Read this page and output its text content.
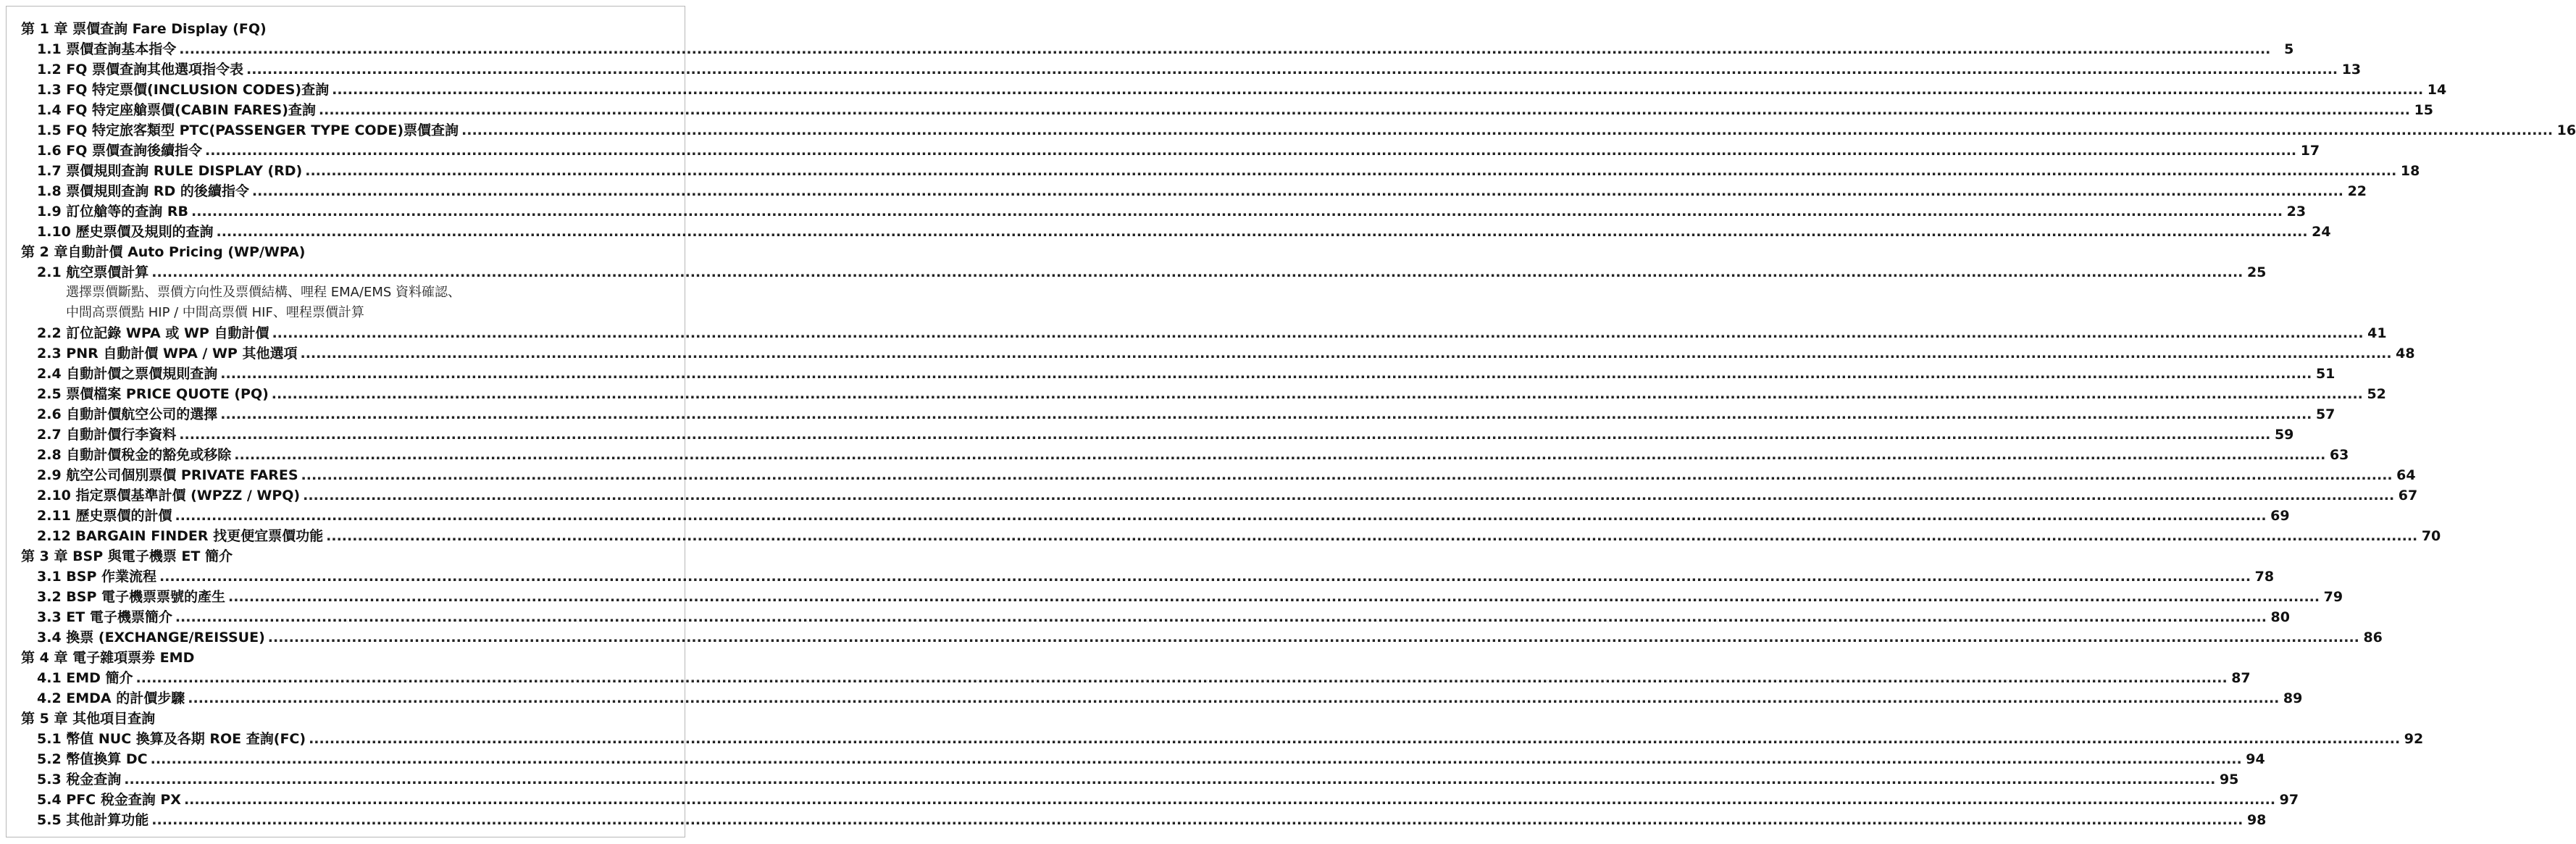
第 1 章 票價查詢 Fare Display (FQ)
1.1 票價查詢基本指令 ................................................................................................................................................................................................................................................................................................................................................................................................................ 5
1.2 FQ 票價查詢其他選項指令表 ................................................................................................................................................................................................................................................................................................................................................................................................................ 13
1.3 FQ 特定票價(INCLUSION CODES)查詢 ................................................................................................................................................................................................................................................................................................................................................................................................................ 14
1.4 FQ 特定座艙票價(CABIN FARES)查詢 ................................................................................................................................................................................................................................................................................................................................................................................................................ 15
1.5 FQ 特定旅客類型 PTC(PASSENGER TYPE CODE)票價查詢 ................................................................................................................................................................................................................................................................................................................................................................................................................ 16
1.6 FQ 票價查詢後續指令 ................................................................................................................................................................................................................................................................................................................................................................................................................ 17
1.7 票價規則查詢 RULE DISPLAY (RD) ................................................................................................................................................................................................................................................................................................................................................................................................................ 18
1.8 票價規則查詢 RD 的後續指令 ................................................................................................................................................................................................................................................................................................................................................................................................................ 22
1.9 訂位艙等的查詢 RB ................................................................................................................................................................................................................................................................................................................................................................................................................ 23
1.10 歷史票價及規則的查詢 ................................................................................................................................................................................................................................................................................................................................................................................................................ 24
第 2 章自動計價 Auto Pricing (WP/WPA)
2.1 航空票價計算 ................................................................................................................................................................................................................................................................................................................................................................................................................ 25
選擇票價斷點、票價方向性及票價結構、哩程 EMA/EMS 資料確認、
中間高票價點 HIP / 中間高票價 HIF、哩程票價計算
2.2 訂位記錄 WPA 或 WP 自動計價 ................................................................................................................................................................................................................................................................................................................................................................................................................ 41
2.3 PNR 自動計價 WPA / WP 其他選項 ................................................................................................................................................................................................................................................................................................................................................................................................................ 48
2.4 自動計價之票價規則查詢 ................................................................................................................................................................................................................................................................................................................................................................................................................ 51
2.5 票價檔案 PRICE QUOTE (PQ) ................................................................................................................................................................................................................................................................................................................................................................................................................ 52
2.6 自動計價航空公司的選擇 ................................................................................................................................................................................................................................................................................................................................................................................................................ 57
2.7 自動計價行李資料 ................................................................................................................................................................................................................................................................................................................................................................................................................ 59
2.8 自動計價稅金的豁免或移除 ................................................................................................................................................................................................................................................................................................................................................................................................................ 63
2.9 航空公司個別票價 PRIVATE FARES ................................................................................................................................................................................................................................................................................................................................................................................................................ 64
2.10 指定票價基準計價 (WPZZ / WPQ) ................................................................................................................................................................................................................................................................................................................................................................................................................ 67
2.11 歷史票價的計價 ................................................................................................................................................................................................................................................................................................................................................................................................................ 69
2.12 BARGAIN FINDER 找更便宜票價功能 ................................................................................................................................................................................................................................................................................................................................................................................................................ 70
第 3 章 BSP 與電子機票 ET 簡介
3.1 BSP 作業流程 ................................................................................................................................................................................................................................................................................................................................................................................................................ 78
3.2 BSP 電子機票票號的產生 ................................................................................................................................................................................................................................................................................................................................................................................................................ 79
3.3 ET 電子機票簡介 ................................................................................................................................................................................................................................................................................................................................................................................................................ 80
3.4 換票 (EXCHANGE/REISSUE) ................................................................................................................................................................................................................................................................................................................................................................................................................ 86
第 4 章 電子雜項票劵 EMD
4.1 EMD 簡介 ................................................................................................................................................................................................................................................................................................................................................................................................................ 87
4.2 EMDA 的計價步驟 ................................................................................................................................................................................................................................................................................................................................................................................................................ 89
第 5 章 其他項目查詢
5.1 幣值 NUC 換算及各期 ROE 查詢(FC) ................................................................................................................................................................................................................................................................................................................................................................................................................ 92
5.2 幣值換算 DC ................................................................................................................................................................................................................................................................................................................................................................................................................ 94
5.3 稅金查詢 ................................................................................................................................................................................................................................................................................................................................................................................................................ 95
5.4 PFC 稅金查詢 PX ................................................................................................................................................................................................................................................................................................................................................................................................................ 97
5.5 其他計算功能 ................................................................................................................................................................................................................................................................................................................................................................................................................ 98
